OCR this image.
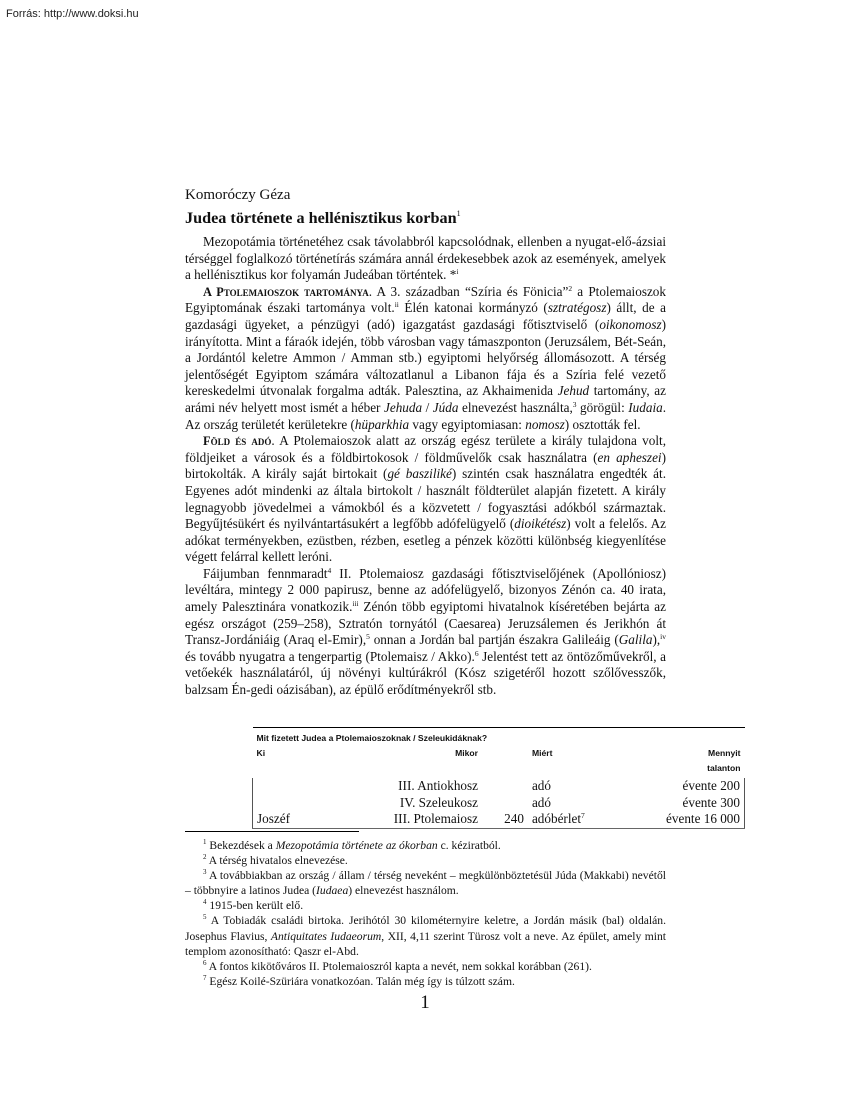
Forrás: http://www.doksi.hu
Komoróczy Géza
Judea története a hellénisztikus korban$^1$

Mezopotámia történetéhez csak távolabbról kapcsolódnak, ellenben a nyugat-elő-ázsiai térséggel foglalkozó történetírás számára annál érdekesebbek azok az események, amelyek a hellénisztikus kor folyamán Judeában történtek. *$^i$

A Ptolemaioszok tartománya. A 3. században “Szíria és Fönicia”$^2$ a Ptolemaioszok Egyiptomának északi tartománya volt.$^{ii}$ Élén katonai kormányzó (sztratégosz) állt, de a gazdasági ügyeket, a pénzügyi (adó) igazgatást gazdasági főtisztviselő (oikonomosz) irányította. Mint a fáraók idején, több városban vagy támaszponton (Jeruzsálem, Bét-Seán, a Jordántól keletre Ammon / Amman stb.) egyiptomi helyőrség állomásozott. A térség jelentőségét Egyiptom számára változatlanul a Libanon fája és a Szíria felé vezető kereskedelmi útvonalak forgalma adták. Palesztina, az Akhaimenida Jehud tartomány, az arámi név helyett most ismét a héber Jehuda / Júda elnevezést használta,$^3$ görögül: Iudaia. Az ország területét kerületekre (hüparkhia vagy egyiptomiasan: nomosz) osztották fel.

Föld és adó. A Ptolemaioszok alatt az ország egész területe a király tulajdona volt, földjeiket a városok és a földbirtokosok / földművelők csak használatra (en apheszei) birtokolták. A király saját birtokait (gé basziliké) szintén csak használatra engedték át. Egyenes adót mindenki az általa birtokolt / használt földterület alapján fizetett. A király legnagyobb jövedelmei a vámokból és a közvetett / fogyasztási adókból származtak. Begyűjtésükért és nyilvántartásukért a legfőbb adófelügyelő (dioikétész) volt a felelős. Az adókat terményekben, ezüstben, rézben, esetleg a pénzek közötti különbség kiegyenlítése végett felárral kellett leróni.

Fáijumban fennmaradt$^4$ II. Ptolemaiosz gazdasági főtisztviselőjének (Apollóniosz) levéltára, mintegy 2 000 papirusz, benne az adófelügyelő, bizonyos Zénón ca. 40 irata, amely Palesztinára vonatkozik.$^{iii}$ Zénón több egyiptomi hivatalnok kíséretében bejárta az egész országot (259–258), Sztratón tornyától (Caesarea) Jeruzsálemen és Jerikhón át Transz-Jordániáig (Araq el-Emir),$^5$ onnan a Jordán bal partján északra Galileáig (Galila),$^{iv}$ és tovább nyugatra a tengerpartig (Ptolemaisz / Akko).$^6$ Jelentést tett az öntözőművekről, a vetőekék használatáról, új növényi kultúrákról (Kósz szigetéről hozott szőlővesszők, balzsam Én-gedi oázisában), az épülő erődítményekről stb.

Mit fizetett Judea a Ptolemaioszoknak / Szeleukidáknak?				
Ki	Mikor		Miért	Mennyit
talanton
	III. Antiokhosz		adó	évente 200
	IV. Szeleukosz		adó	évente 300
Joszéf	III. Ptolemaiosz	240	adóbérlet$^7$	évente 16 000

$^1$ Bekezdések a Mezopotámia története az ókorban c. kéziratból.

$^2$ A térség hivatalos elnevezése.

$^3$ A továbbiakban az ország / állam / térség neveként – megkülönböztetésül Júda (Makkabi) nevétől – többnyire a latinos Judea (Iudaea) elnevezést használom.

$^4$ 1915-ben került elő.

$^5$ A Tobiadák családi birtoka. Jerihótól 30 kilométernyire keletre, a Jordán másik (bal) oldalán. Josephus Flavius, Antiquitates Iudaeorum, XII, 4,11 szerint Türosz volt a neve. Az épület, amely mint templom azonosítható: Qaszr el-Abd.

$^6$ A fontos kikötőváros II. Ptolemaioszról kapta a nevét, nem sokkal korábban (261).

$^7$ Egész Koilé-Szüriára vonatkozóan. Talán még így is túlzott szám.

1
